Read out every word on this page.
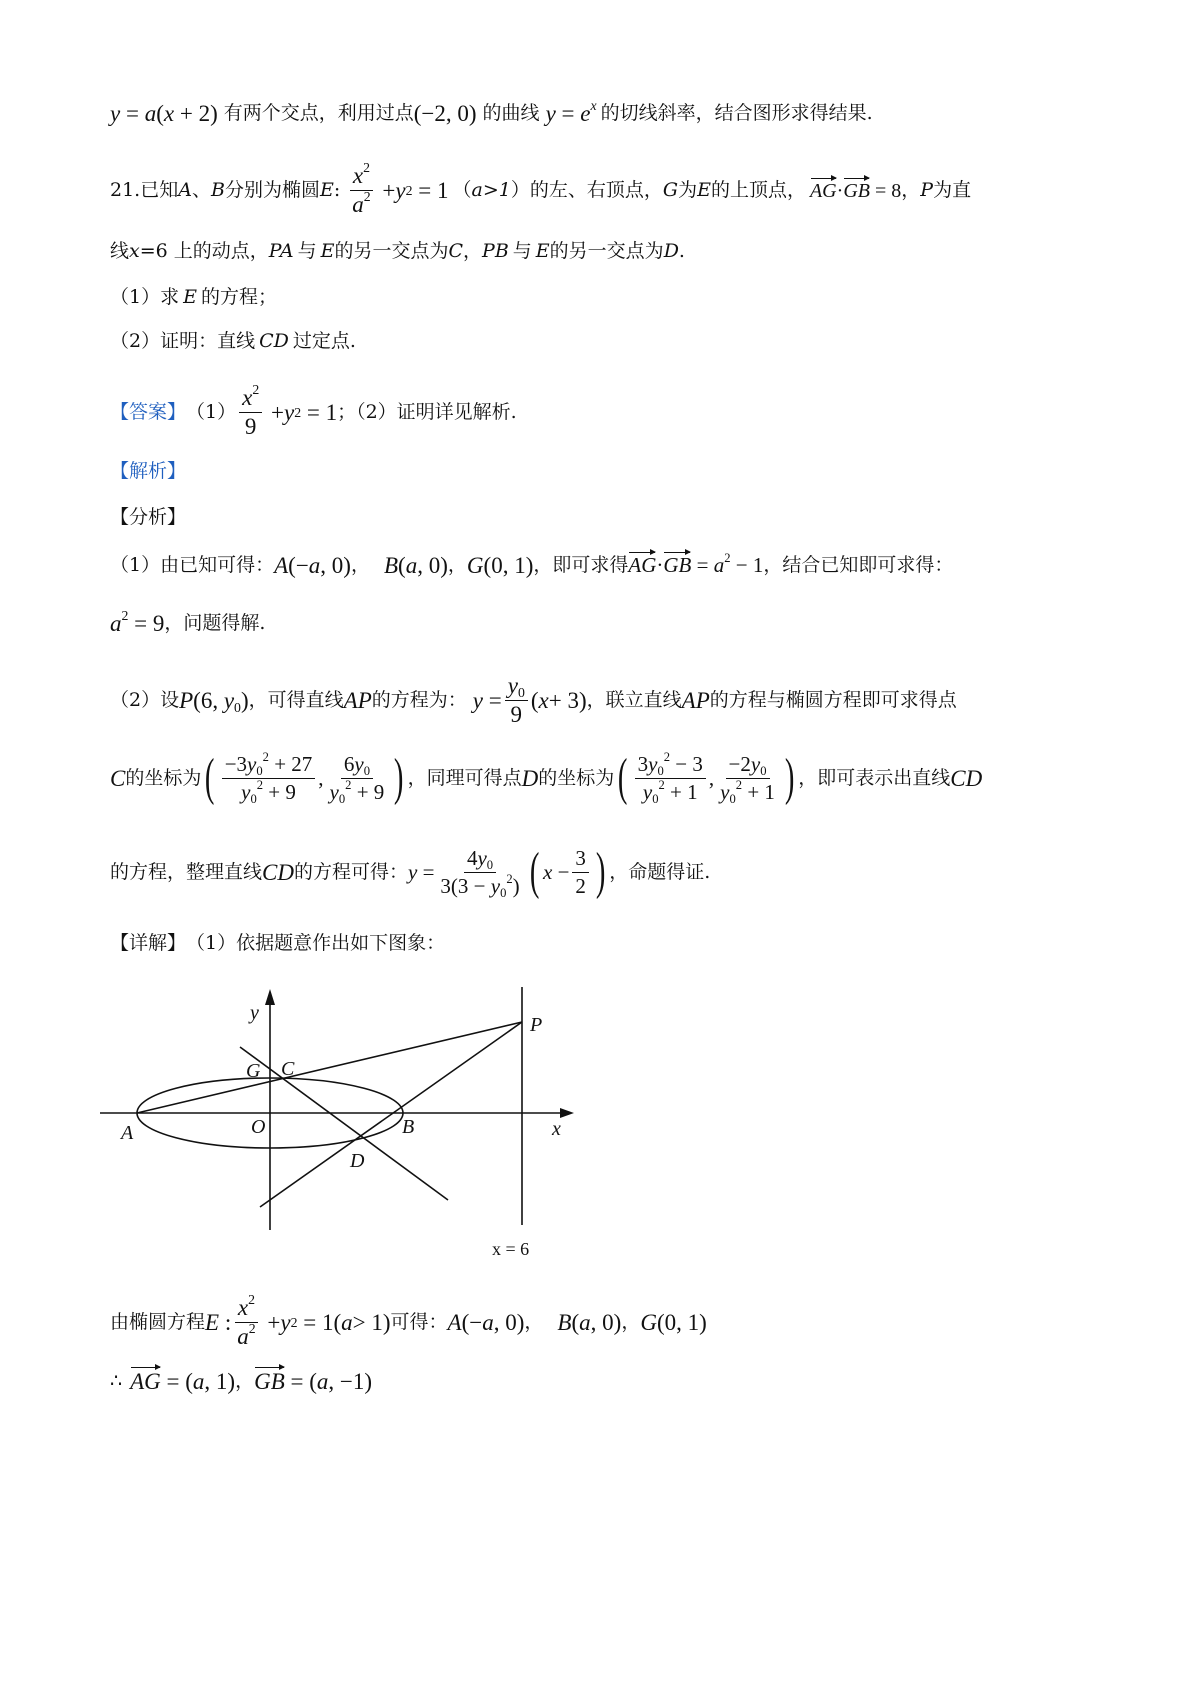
y = a(x + 2) 有两个交点，利用过点 (−2, 0) 的曲线 $y = e^x$ 的切线斜率，结合图形求得结果.
21. 已知 A 、 B 分别为椭圆 E : $\frac{x^2}{a^2} + y$ 2 = 1 （ a>1 ）的左、右顶点， G 为 E 的上顶点， AG·GB = 8 ， P 为直
线 x =6 上的动点， PA 与 E 的另一交点为 C ， PB 与 E 的另一交点为 D .
（1）求 E 的方程；
（2）证明：直线 CD 过定点.
【答案】 $(1) \frac{x^2}{9} + y$ 2 = 1 ；（2）证明详见解析.
【解析】
【分析】
（1）由已知可得： A(−a, 0) ， B(a, 0) ， G(0, 1) ，即可求得 $AG\cdot GB = a^2 - 1$ ，结合已知即可求得：
$a^2 = 9$ ，问题得解.
（2）设 P(6, $y_0$) ，可得直线 AP 的方程为： $y = \frac{y_0}{9}$ ( x + 3) ，联立直线 AP 的方程与椭圆方程即可求得点
C 的坐标为 ( $\frac{-3y_0^2 + 27}{y_0^2 + 9}$ , $\frac{6y_0}{y_0^2 + 9}$ ) ，同理可得点 D 的坐标为 ( $\frac{3y_0^2 - 3}{y_0^2 + 1}$ , $\frac{-2y_0}{y_0^2 + 1}$ ) ，即可表示出直线 CD
的方程，整理直线 CD 的方程可得： $y = \frac{4y_0}{3(3 - y_0^2)}$ ( $x - \frac{3}{2}$ ) ，命题得证.
【详解】 （1）依据题意作出如下图象：
y
P
G C
O
A	B	x
D
x = 6
由椭圆方程 E : $\frac{x^2}{a^2} + y$ 2 = 1( a > 1) 可得： A(−a, 0) ， B(a, 0) ， G(0, 1)
∴ AG = (a, 1) ， GB = (a, −1)
